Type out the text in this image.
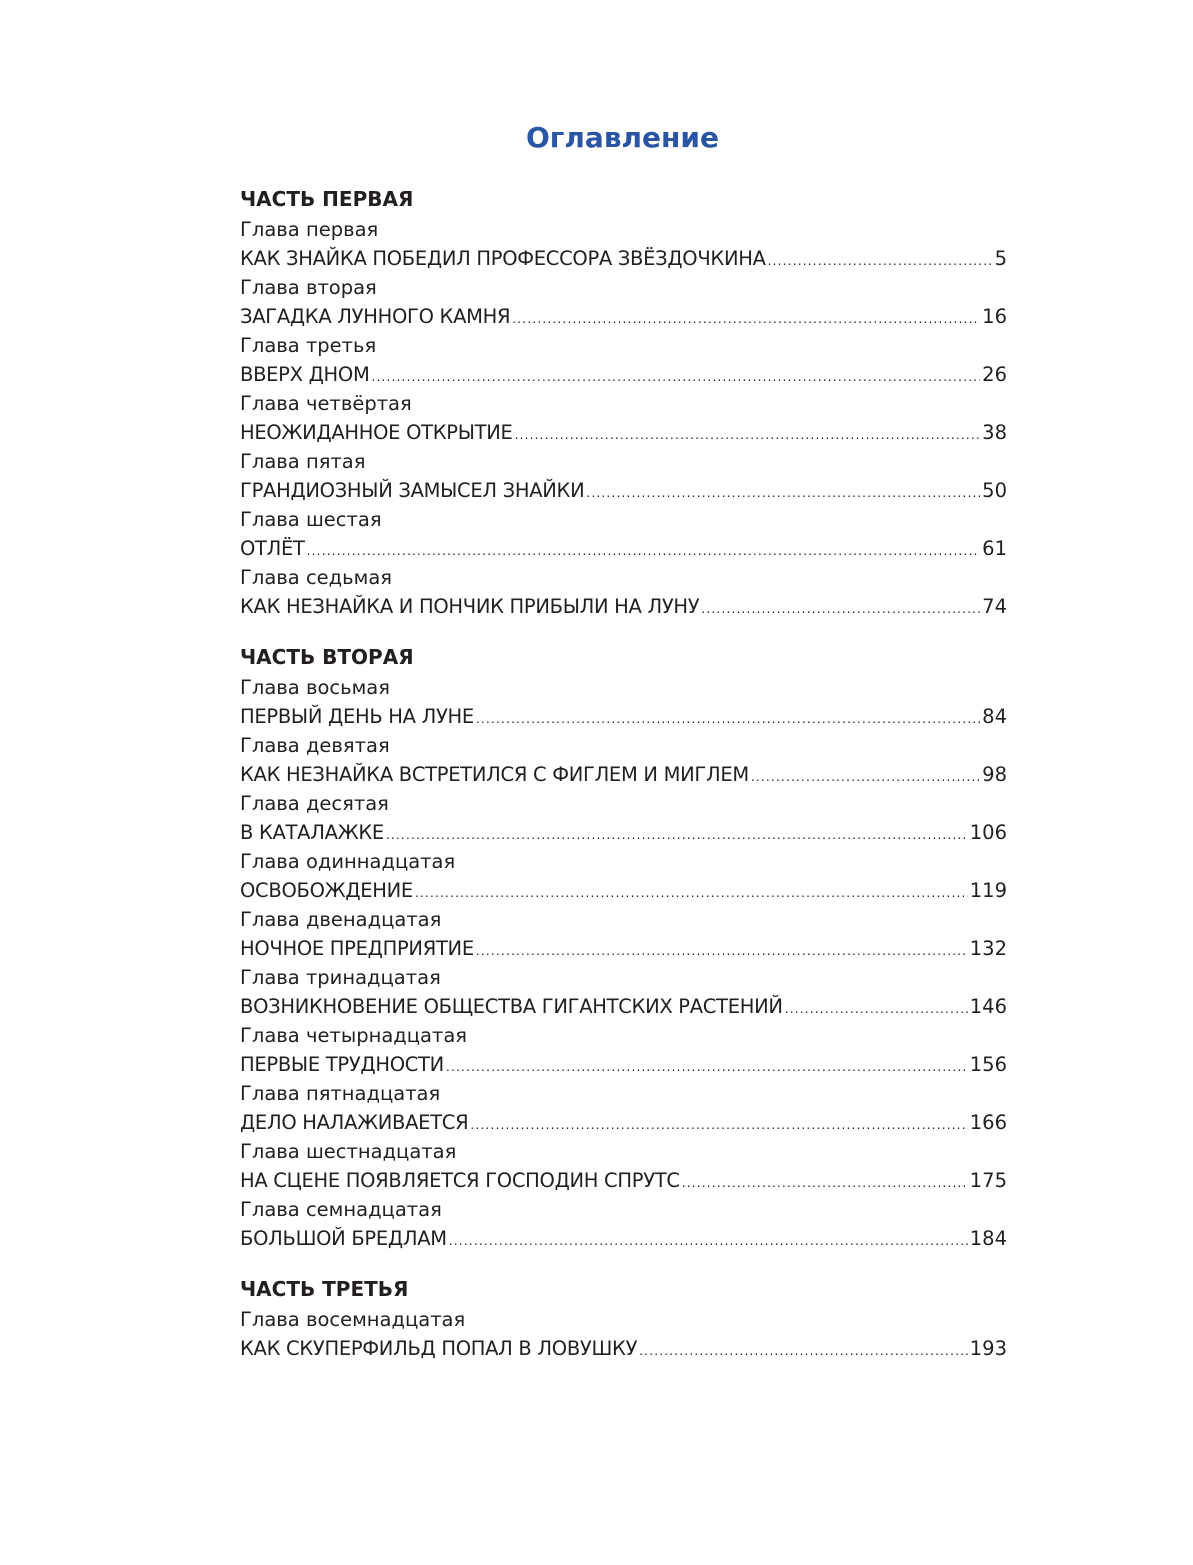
Оглавление
ЧАСТЬ ПЕРВАЯ
Глава первая
КАК ЗНАЙКА ПОБЕДИЛ ПРОФЕССОРА ЗВЁЗДОЧКИНА .....	5
Глава вторая
ЗАГАДКА ЛУННОГО КАМНЯ .....	16
Глава третья
ВВЕРХ ДНОМ .....	26
Глава четвёртая
НЕОЖИДАННОЕ ОТКРЫТИЕ .....	38
Глава пятая
ГРАНДИОЗНЫЙ ЗАМЫСЕЛ ЗНАЙКИ .....	50
Глава шестая
ОТЛЁТ .....	61
Глава седьмая
КАК НЕЗНАЙКА И ПОНЧИК ПРИБЫЛИ НА ЛУНУ .....	74
ЧАСТЬ ВТОРАЯ
Глава восьмая
ПЕРВЫЙ ДЕНЬ НА ЛУНЕ .....	84
Глава девятая
КАК НЕЗНАЙКА ВСТРЕТИЛСЯ С ФИГЛЕМ И МИГЛЕМ .....	98
Глава десятая
В КАТАЛАЖКЕ .....	106
Глава одиннадцатая
ОСВОБОЖДЕНИЕ .....	119
Глава двенадцатая
НОЧНОЕ ПРЕДПРИЯТИЕ .....	132
Глава тринадцатая
ВОЗНИКНОВЕНИЕ ОБЩЕСТВА ГИГАНТСКИХ РАСТЕНИЙ .....	146
Глава четырнадцатая
ПЕРВЫЕ ТРУДНОСТИ .....	156
Глава пятнадцатая
ДЕЛО НАЛАЖИВАЕТСЯ .....	166
Глава шестнадцатая
НА СЦЕНЕ ПОЯВЛЯЕТСЯ ГОСПОДИН СПРУТС .....	175
Глава семнадцатая
БОЛЬШОЙ БРЕДЛАМ .....	184
ЧАСТЬ ТРЕТЬЯ
Глава восемнадцатая
КАК СКУПЕРФИЛЬД ПОПАЛ В ЛОВУШКУ .....	193
